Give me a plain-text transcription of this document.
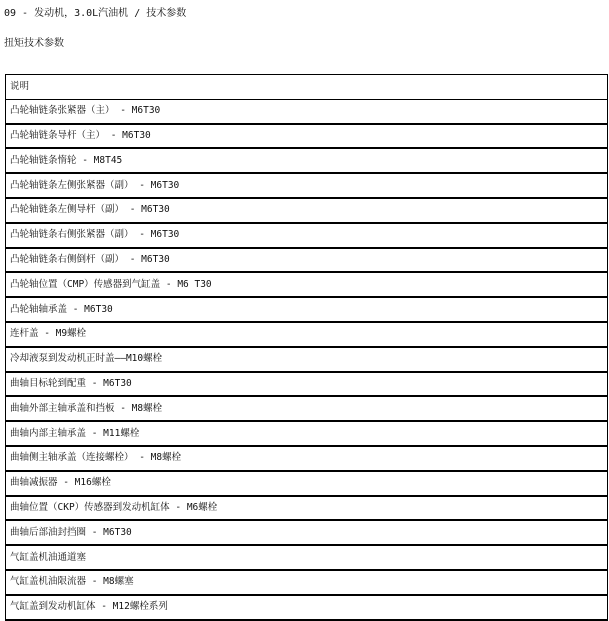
09 - 发动机，3.0L汽油机 / 技术参数
扭矩技术参数
说明
凸轮轴链条张紧器（主） - M6T30
凸轮轴链条导杆（主） - M6T30
凸轮轴链条惰轮 - M8T45
凸轮轴链条左侧张紧器（副） - M6T30
凸轮轴链条左侧导杆（副） - M6T30
凸轮轴链条右侧张紧器（副） - M6T30
凸轮轴链条右侧倒杆（副） - M6T30
凸轮轴位置（CMP）传感器到气缸盖 - M6 T30
凸轮轴轴承盖 - M6T30
连杆盖 - M9螺栓
冷却液泵到发动机正时盖——M10螺栓
曲轴目标轮到配重 - M6T30
曲轴外部主轴承盖和挡板 - M8螺栓
曲轴内部主轴承盖 - M11螺栓
曲轴侧主轴承盖（连接螺栓） - M8螺栓
曲轴减振器 - M16螺栓
曲轴位置（CKP）传感器到发动机缸体 - M6螺栓
曲轴后部油封挡圈 - M6T30
气缸盖机油通道塞
气缸盖机油限流器 - M8螺塞
气缸盖到发动机缸体 - M12螺栓系列
